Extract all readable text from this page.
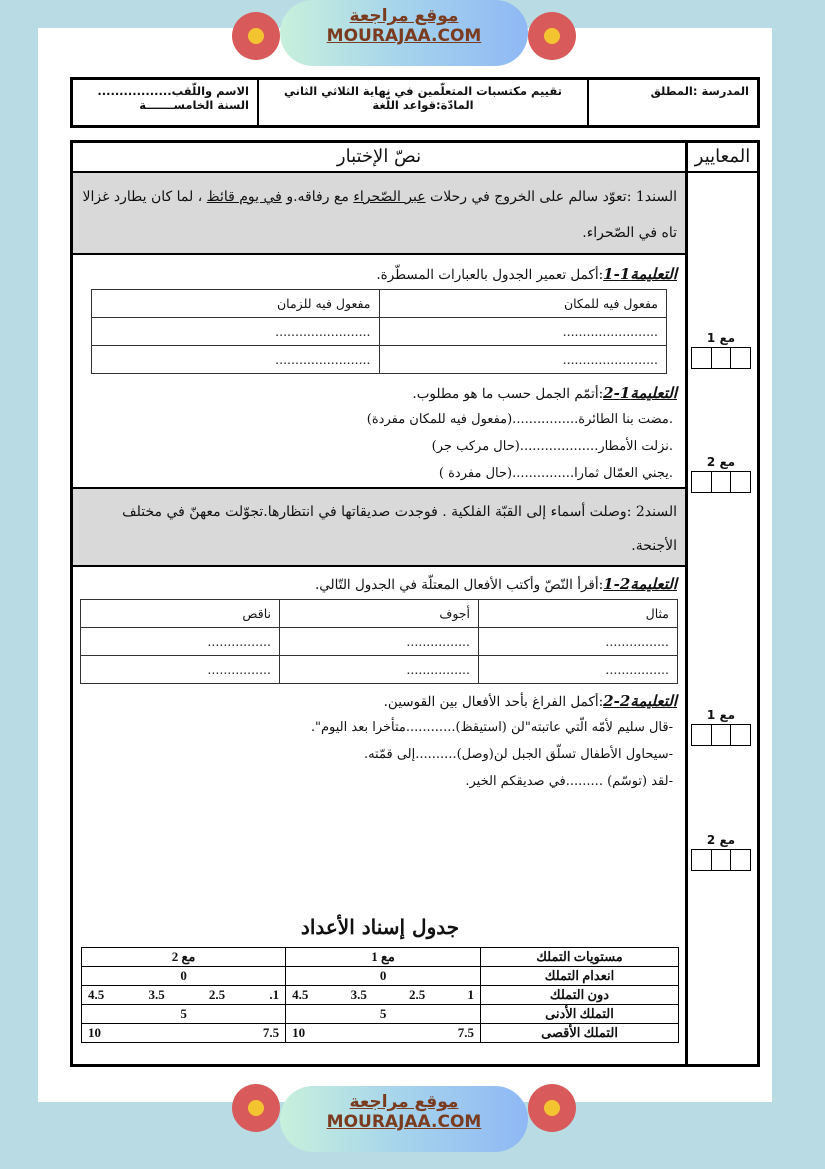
موقع مراجعة
MOURAJAA.COM
المدرسة :المطلق
تقييم مكتسبات المتعلّمين في نهاية الثلاثي الثاني
المادّة:قواعد اللّغة
الاسم واللّقب.................
السنة الخامســـــــة
المعايير
مع 1
مع 2
مع 1
مع 2
نصّ الإختبار
السند1 :تعوّد سالم على الخروج في رحلات عبر الصّحراء مع رفاقه.و في يوم قائظ ، لما كان يطارد غزالا تاه في الصّحراء.
التعليمة1-1:أكمل تعمير الجدول بالعبارات المسطّرة.
مفعول فيه للمكان	مفعول فيه للزمان
........................	........................
........................	........................
التعليمة1-2:أتمّم الجمل حسب ما هو مطلوب.
.مضت بنا الطائرة................(مفعول فيه للمكان مفردة)
.نزلت الأمطار...................(حال مركب جر)
.يجني العمّال ثمارا...............(حال مفردة )
السند2 :وصلت أسماء إلى القبّة الفلكية . فوجدت صديقاتها في انتظارها.تجوّلت معهنّ في مختلف الأجنحة.
التعليمة2-1:أقرأ النّصّ وأكتب الأفعال المعتلّة في الجدول التّالي.
مثال	أجوف	ناقص
................	................	................
................	................	................
التعليمة2-2:أكمل الفراغ بأحد الأفعال بين القوسين.
-قال سليم لأمّه الّتي عاتبته"لن (استيقظ)............متأخرا بعد اليوم".
-سيحاول الأطفال تسلّق الجبل لن(وصل)..........إلى قمّته.
-لقد (توسّم) .........في صديقكم الخير.
جدول إسناد الأعداد
مستويات التملك	مع 1	مع 2
انعدام التملك	0	0
دون التملك	4.5 3.5 2.5 1	4.5 3.5 2.5 .1

التملك الأدنى	5	5
التملك الأقصى	10 7.5	10 7.5
موقع مراجعة
MOURAJAA.COM
